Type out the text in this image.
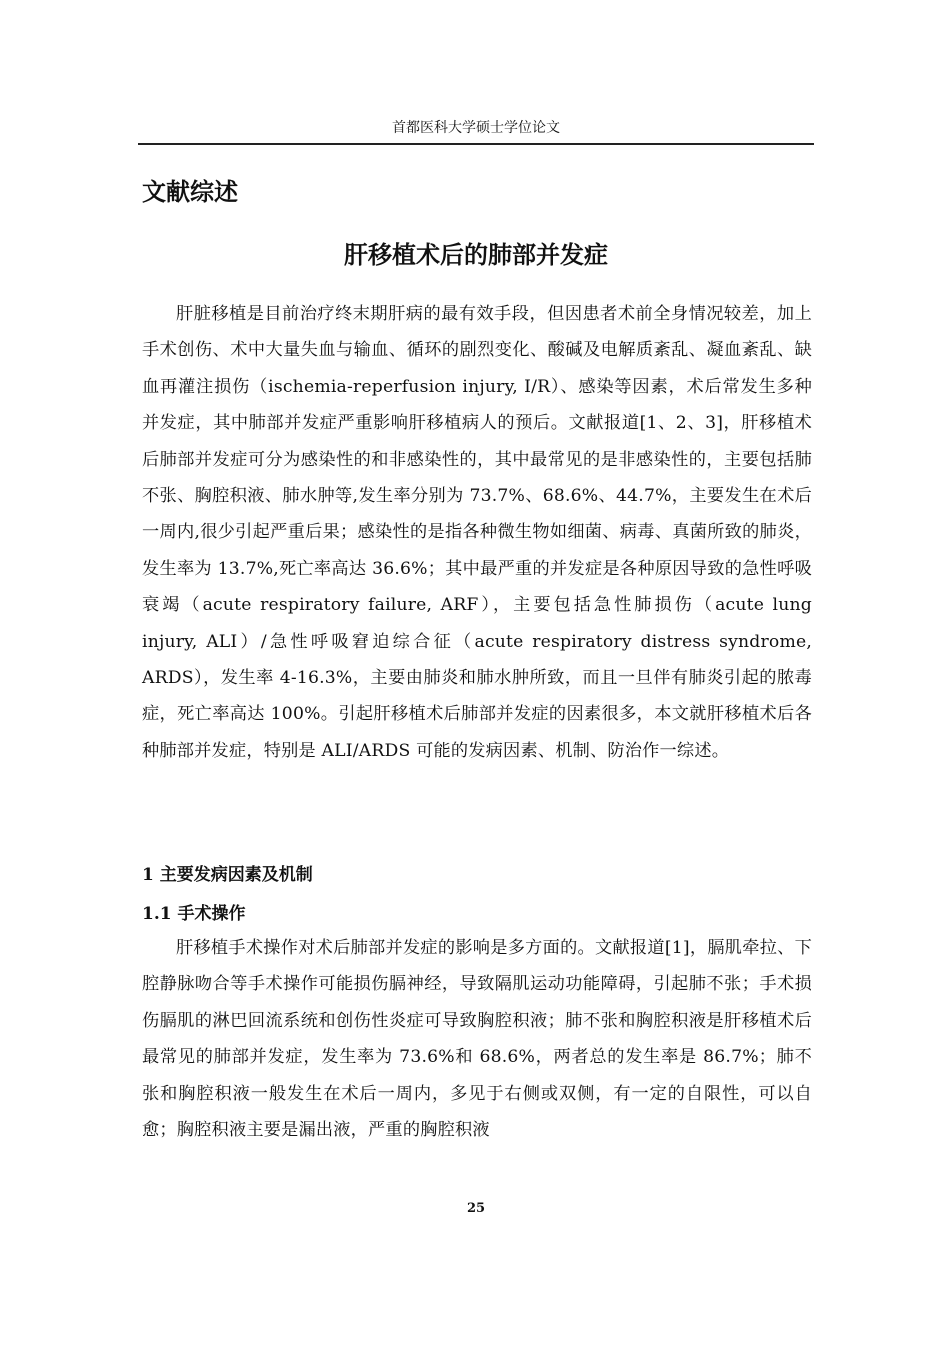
首都医科大学硕士学位论文
文献综述
肝移植术后的肺部并发症

肝脏移植是目前治疗终末期肝病的最有效手段，但因患者术前全身情况较差，加上手术创伤、术中大量失血与输血、循环的剧烈变化、酸碱及电解质紊乱、凝血紊乱、缺血再灌注损伤（ischemia-reperfusion injury, I/R）、感染等因素，术后常发生多种并发症，其中肺部并发症严重影响肝移植病人的预后。文献报道[1、2、3]，肝移植术后肺部并发症可分为感染性的和非感染性的，其中最常见的是非感染性的，主要包括肺不张、胸腔积液、肺水肿等,发生率分别为 73.7%、68.6%、44.7%，主要发生在术后一周内,很少引起严重后果；感染性的是指各种微生物如细菌、病毒、真菌所致的肺炎，发生率为 13.7%,死亡率高达 36.6%；其中最严重的并发症是各种原因导致的急性呼吸衰竭（acute respiratory failure, ARF），主要包括急性肺损伤（acute lung injury, ALI）/急性呼吸窘迫综合征（acute respiratory distress syndrome, ARDS），发生率 4-16.3%，主要由肺炎和肺水肿所致，而且一旦伴有肺炎引起的脓毒症，死亡率高达 100%。引起肝移植术后肺部并发症的因素很多，本文就肝移植术后各种肺部并发症，特别是 ALI/ARDS 可能的发病因素、机制、防治作一综述。

1 主要发病因素及机制
1.1 手术操作

肝移植手术操作对术后肺部并发症的影响是多方面的。文献报道[1]，膈肌牵拉、下腔静脉吻合等手术操作可能损伤膈神经，导致隔肌运动功能障碍，引起肺不张；手术损伤膈肌的淋巴回流系统和创伤性炎症可导致胸腔积液；肺不张和胸腔积液是肝移植术后最常见的肺部并发症，发生率为 73.6%和 68.6%，两者总的发生率是 86.7%；肺不张和胸腔积液一般发生在术后一周内，多见于右侧或双侧，有一定的自限性，可以自愈；胸腔积液主要是漏出液，严重的胸腔积液

25
